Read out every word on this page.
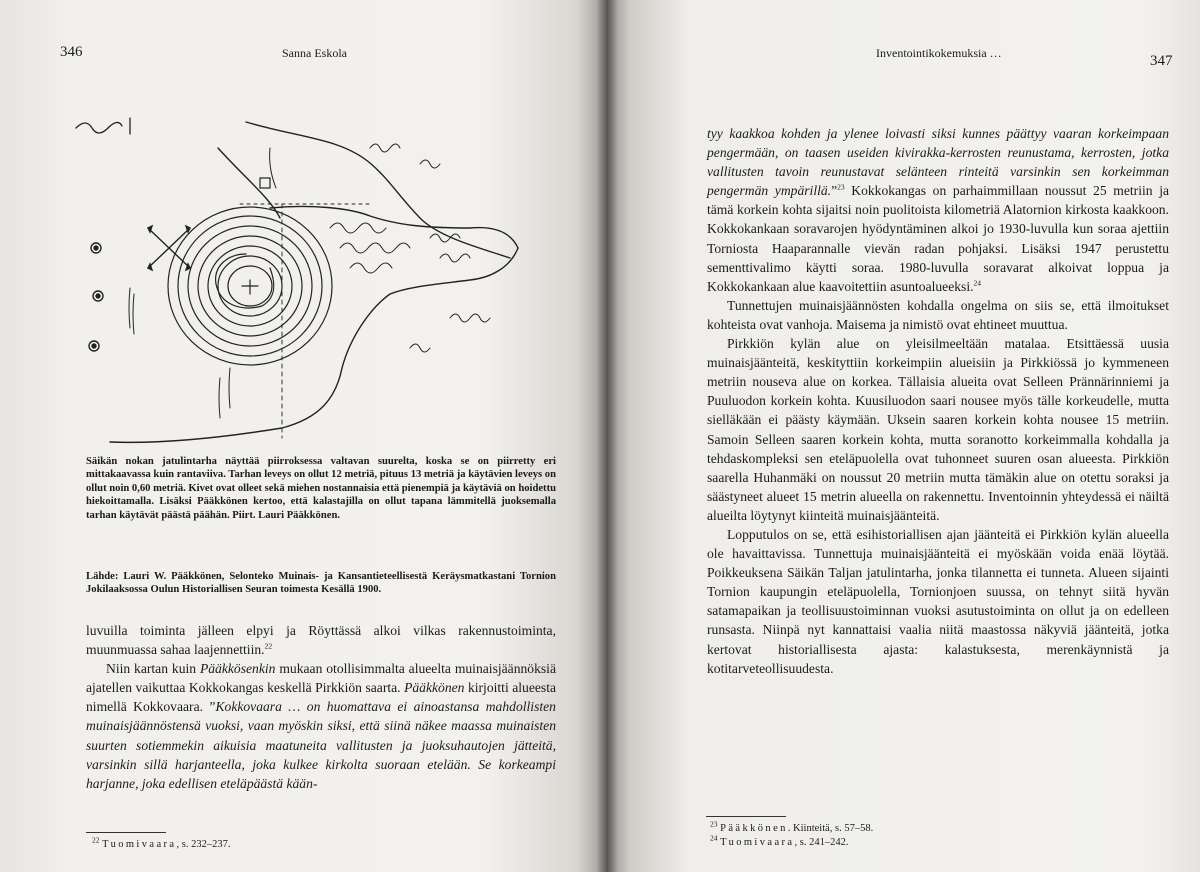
346	Sanna Eskola
Säikän nokan jatulintarha näyttää piirroksessa valtavan suurelta, koska se on piirretty eri mittakaavassa kuin rantaviiva. Tarhan leveys on ollut 12 metriä, pituus 13 metriä ja käytävien leveys on ollut noin 0,60 metriä. Kivet ovat olleet sekä miehen nostannaisia että pienempiä ja käytäviä on hoidettu hiekoittamalla. Lisäksi Pääkkönen kertoo, että kalastajilla on ollut tapana lämmitellä juoksemalla tarhan käytävät päästä päähän. Piirt. Lauri Pääkkönen.
Lähde: Lauri W. Pääkkönen, Selonteko Muinais- ja Kansantieteellisestä Keräysmatkastani Tornion Jokilaaksossa Oulun Historiallisen Seuran toimesta Kesällä 1900.

luvuilla toiminta jälleen elpyi ja Röyttässä alkoi vilkas rakennustoiminta, muunmuassa sahaa laajennettiin.$^{22}$

Niin kartan kuin Pääkkösenkin mukaan otollisimmalta alueelta muinaisjäännöksiä ajatellen vaikuttaa Kokkokangas keskellä Pirkkiön saarta. Pääkkönen kirjoitti alueesta nimellä Kokkovaara. ”Kokkovaara … on huomattava ei ainoastansa mahdollisten muinaisjäännöstensä vuoksi, vaan myöskin siksi, että siinä näkee maassa muinaisten suurten sotiemmekin aikuisia maatuneita vallitusten ja juoksuhautojen jätteitä, varsinkin sillä harjanteella, joka kulkee kirkolta suoraan etelään. Se korkeampi harjanne, joka edellisen eteläpäästä kään-

$^{22}$ Tuomivaara, s. 232–237.
Inventointikokemuksia …	347

tyy kaakkoa kohden ja ylenee loivasti siksi kunnes päättyy vaaran korkeimpaan pengermään, on taasen useiden kivirakka-kerrosten reunustama, kerrosten, jotka vallitusten tavoin reunustavat selänteen rinteitä varsinkin sen korkeimman pengermän ympärillä.”$^{23}$ Kokkokangas on parhaimmillaan noussut 25 metriin ja tämä korkein kohta sijaitsi noin puolitoista kilometriä Alatornion kirkosta kaakkoon. Kokkokankaan soravarojen hyödyntäminen alkoi jo 1930-luvulla kun soraa ajettiin Torniosta Haaparannalle vievän radan pohjaksi. Lisäksi 1947 perustettu sementtivalimo käytti soraa. 1980-luvulla soravarat alkoivat loppua ja Kokkokankaan alue kaavoitettiin asuntoalueeksi.$^{24}$

Tunnettujen muinaisjäännösten kohdalla ongelma on siis se, että ilmoitukset kohteista ovat vanhoja. Maisema ja nimistö ovat ehtineet muuttua.

Pirkkiön kylän alue on yleisilmeeltään matalaa. Etsittäessä uusia muinaisjäänteitä, keskityttiin korkeimpiin alueisiin ja Pirkkiössä jo kymmeneen metriin nouseva alue on korkea. Tällaisia alueita ovat Selleen Prännärinniemi ja Puuluodon korkein kohta. Kuusiluodon saari nousee myös tälle korkeudelle, mutta sielläkään ei päästy käymään. Uksein saaren korkein kohta nousee 15 metriin. Samoin Selleen saaren korkein kohta, mutta soranotto korkeimmalla kohdalla ja tehdaskompleksi sen eteläpuolella ovat tuhonneet suuren osan alueesta. Pirkkiön saarella Huhanmäki on noussut 20 metriin mutta tämäkin alue on otettu soraksi ja säästyneet alueet 15 metrin alueella on rakennettu. Inventoinnin yhteydessä ei näiltä alueilta löytynyt kiinteitä muinaisjäänteitä.

Lopputulos on se, että esihistoriallisen ajan jäänteitä ei Pirkkiön kylän alueella ole havaittavissa. Tunnettuja muinaisjäänteitä ei myöskään voida enää löytää. Poikkeuksena Säikän Taljan jatulintarha, jonka tilannetta ei tunneta. Alueen sijainti Tornion kaupungin eteläpuolella, Tornionjoen suussa, on tehnyt siitä hyvän satamapaikan ja teollisuustoiminnan vuoksi asutustoiminta on ollut ja on edelleen runsasta. Niinpä nyt kannattaisi vaalia niitä maastossa näkyviä jäänteitä, jotka kertovat historiallisesta ajasta: kalastuksesta, merenkäynnistä ja kotitarveteollisuudesta.

$^{23}$ Pääkkönen. Kiinteitä, s. 57–58.
$^{24}$ Tuomivaara, s. 241–242.
